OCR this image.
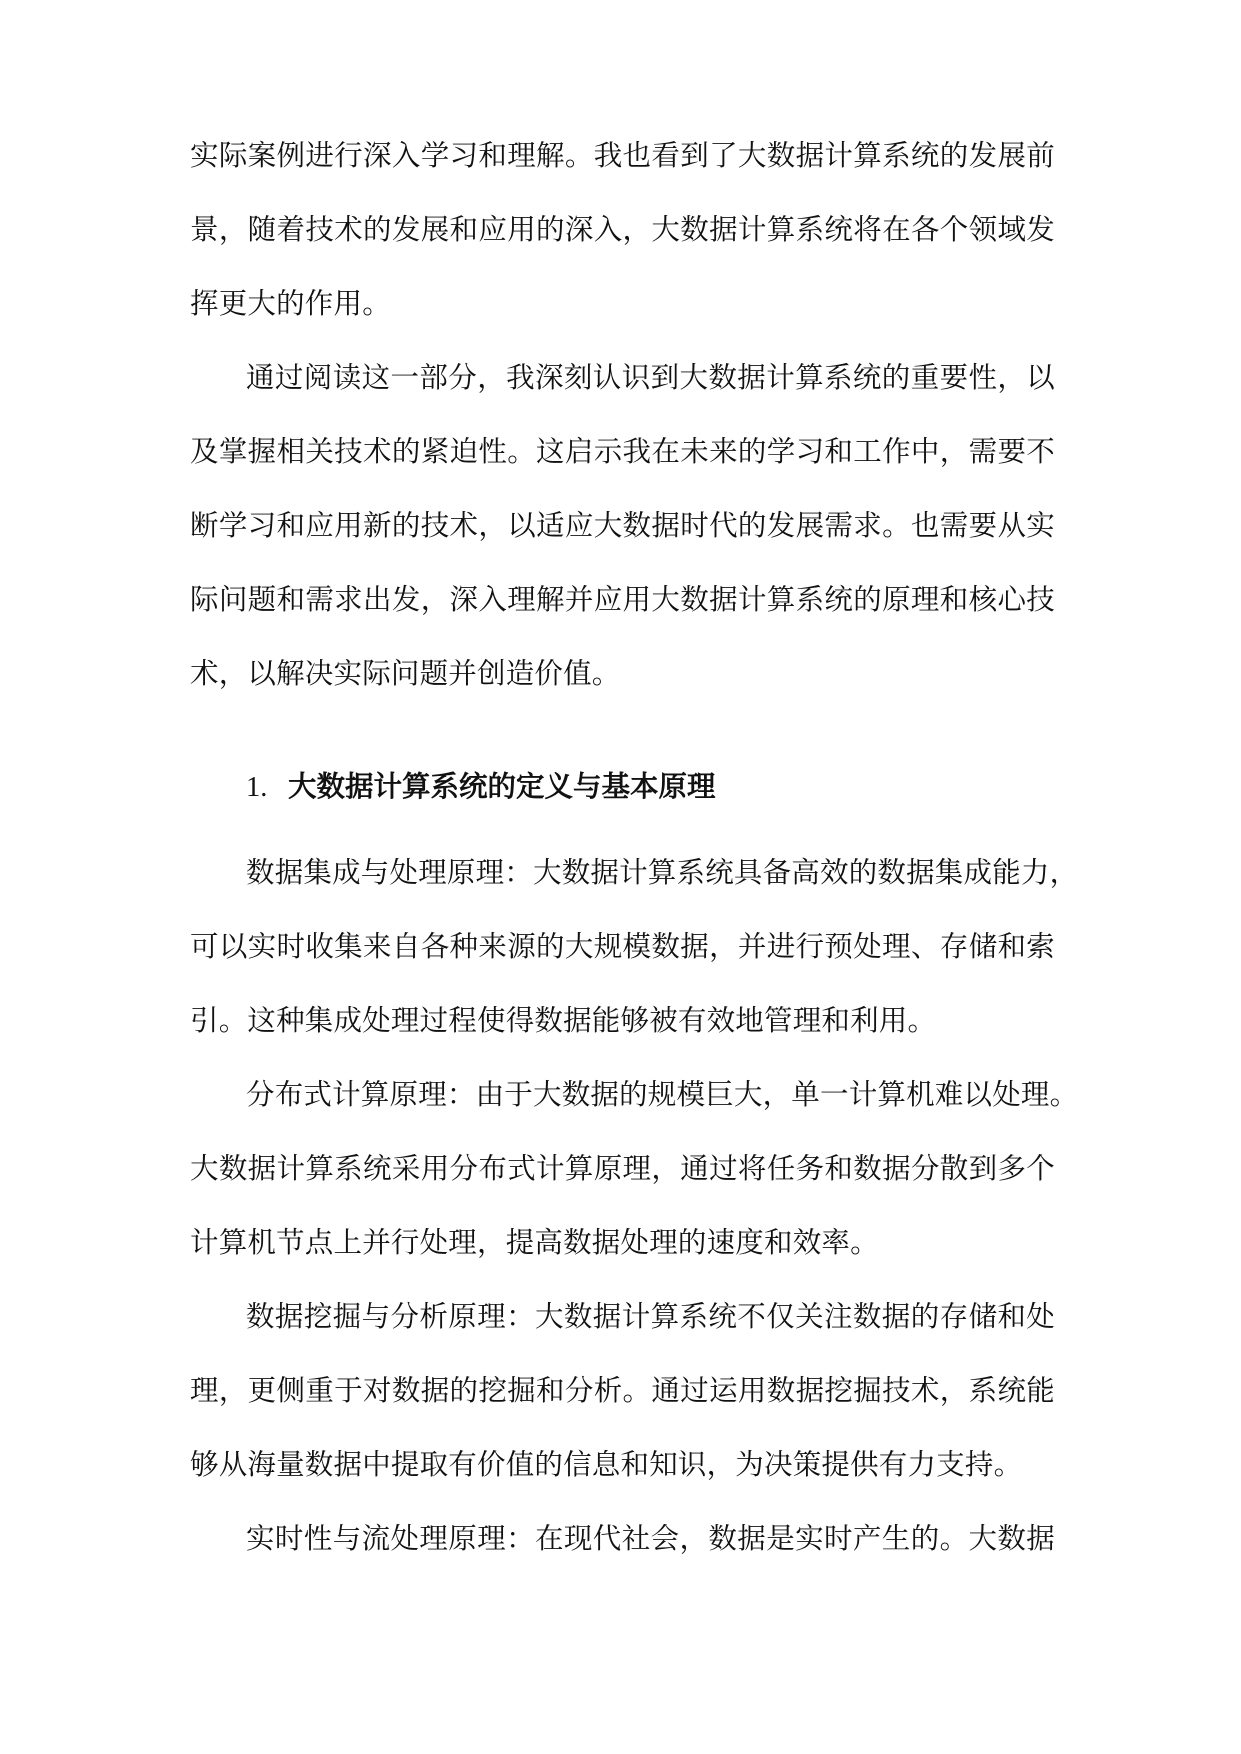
实际案例进行深入学习和理解。我也看到了大数据计算系统的发展前
景，随着技术的发展和应用的深入，大数据计算系统将在各个领域发
挥更大的作用。
通过阅读这一部分，我深刻认识到大数据计算系统的重要性，以
及掌握相关技术的紧迫性。这启示我在未来的学习和工作中，需要不
断学习和应用新的技术，以适应大数据时代的发展需求。也需要从实
际问题和需求出发，深入理解并应用大数据计算系统的原理和核心技
术，以解决实际问题并创造价值。
1. 大数据计算系统的定义与基本原理
数据集成与处理原理：大数据计算系统具备高效的数据集成能力，
可以实时收集来自各种来源的大规模数据，并进行预处理、存储和索
引。这种集成处理过程使得数据能够被有效地管理和利用。
分布式计算原理：由于大数据的规模巨大，单一计算机难以处理。
大数据计算系统采用分布式计算原理，通过将任务和数据分散到多个
计算机节点上并行处理，提高数据处理的速度和效率。
数据挖掘与分析原理：大数据计算系统不仅关注数据的存储和处
理，更侧重于对数据的挖掘和分析。通过运用数据挖掘技术，系统能
够从海量数据中提取有价值的信息和知识，为决策提供有力支持。
实时性与流处理原理：在现代社会，数据是实时产生的。大数据
